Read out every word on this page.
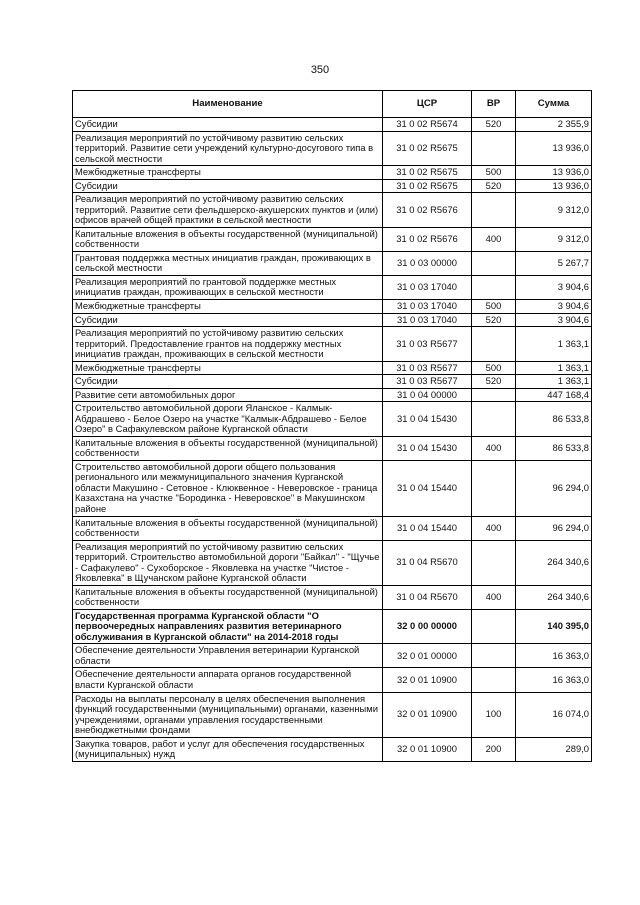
350
Наименование	ЦСР	ВР	Сумма
Субсидии	31 0 02 R5674	520	2 355,9
Реализация мероприятий по устойчивому развитию сельских территорий. Развитие сети учреждений культурно-досугового типа в сельской местности	31 0 02 R5675		13 936,0
Межбюджетные трансферты	31 0 02 R5675	500	13 936,0
Субсидии	31 0 02 R5675	520	13 936,0
Реализация мероприятий по устойчивому развитию сельских территорий. Развитие сети фельдшерско-акушерских пунктов и (или) офисов врачей общей практики в сельской местности	31 0 02 R5676		9 312,0
Капитальные вложения в объекты государственной (муниципальной) собственности	31 0 02 R5676	400	9 312,0
Грантовая поддержка местных инициатив граждан, проживающих в сельской местности	31 0 03 00000		5 267,7
Реализация мероприятий по грантовой поддержке местных инициатив граждан, проживающих в сельской местности	31 0 03 17040		3 904,6
Межбюджетные трансферты	31 0 03 17040	500	3 904,6
Субсидии	31 0 03 17040	520	3 904,6
Реализация мероприятий по устойчивому развитию сельских территорий. Предоставление грантов на поддержку местных инициатив граждан, проживающих в сельской местности	31 0 03 R5677		1 363,1
Межбюджетные трансферты	31 0 03 R5677	500	1 363,1
Субсидии	31 0 03 R5677	520	1 363,1
Развитие сети автомобильных дорог	31 0 04 00000		447 168,4
Строительство автомобильной дороги Яланское - Калмык-Абдрашево - Белое Озеро на участке "Калмык-Абдрашево - Белое Озеро" в Сафакулевском районе Курганской области	31 0 04 15430		86 533,8
Капитальные вложения в объекты государственной (муниципальной) собственности	31 0 04 15430	400	86 533,8
Строительство автомобильной дороги общего пользования регионального или межмуниципального значения Курганской области Макушино - Сетовное - Клюквенное - Неверовское - граница Казахстана на участке "Бородинка - Неверовское" в Макушинском районе	31 0 04 15440		96 294,0
Капитальные вложения в объекты государственной (муниципальной) собственности	31 0 04 15440	400	96 294,0
Реализация мероприятий по устойчивому развитию сельских территорий. Строительство автомобильной дороги "Байкал" - "Щучье - Сафакулево" - Сухоборское - Яковлевка на участке "Чистое - Яковлевка" в Щучанском районе Курганской области	31 0 04 R5670		264 340,6
Капитальные вложения в объекты государственной (муниципальной) собственности	31 0 04 R5670	400	264 340,6
Государственная программа Курганской области "О первоочередных направлениях развития ветеринарного обслуживания в Курганской области" на 2014-2018 годы	32 0 00 00000		140 395,0
Обеспечение деятельности Управления ветеринарии Курганской области	32 0 01 00000		16 363,0
Обеспечение деятельности аппарата органов государственной власти Курганской области	32 0 01 10900		16 363,0
Расходы на выплаты персоналу в целях обеспечения выполнения функций государственными (муниципальными) органами, казенными учреждениями, органами управления государственными внебюджетными фондами	32 0 01 10900	100	16 074,0
Закупка товаров, работ и услуг для обеспечения государственных (муниципальных) нужд	32 0 01 10900	200	289,0
